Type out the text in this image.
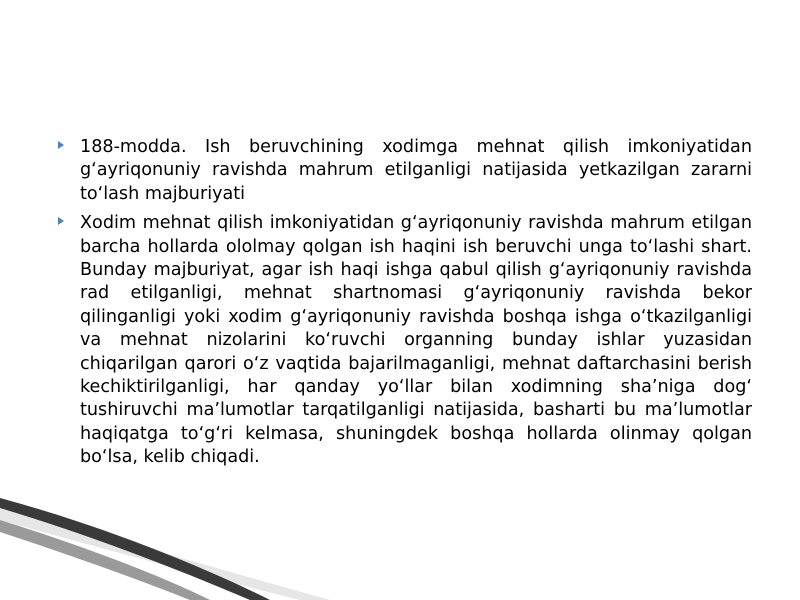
188-modda. Ish beruvchining xodimga mehnat qilish imkoniyatidan g‘ayriqonuniy ravishda mahrum etilganligi natijasida yetkazilgan zararni to‘lash majburiyati
Xodim mehnat qilish imkoniyatidan g‘ayriqonuniy ravishda mahrum etilgan barcha hollarda ololmay qolgan ish haqini ish beruvchi unga to‘lashi shart. Bunday majburiyat, agar ish haqi ishga qabul qilish g‘ayriqonuniy ravishda rad etilganligi, mehnat shartnomasi g‘ayriqonuniy ravishda bekor qilinganligi yoki xodim g‘ayriqonuniy ravishda boshqa ishga o‘tkazilganligi va mehnat nizolarini ko‘ruvchi organning bunday ishlar yuzasidan chiqarilgan qarori o‘z vaqtida bajarilmaganligi, mehnat daftarchasini berish kechiktirilganligi, har qanday yo‘llar bilan xodimning sha’niga dog‘ tushiruvchi ma’lumotlar tarqatilganligi natijasida, basharti bu ma’lumotlar haqiqatga to‘g‘ri kelmasa, shuningdek boshqa hollarda olinmay qolgan bo‘lsa, kelib chiqadi.
